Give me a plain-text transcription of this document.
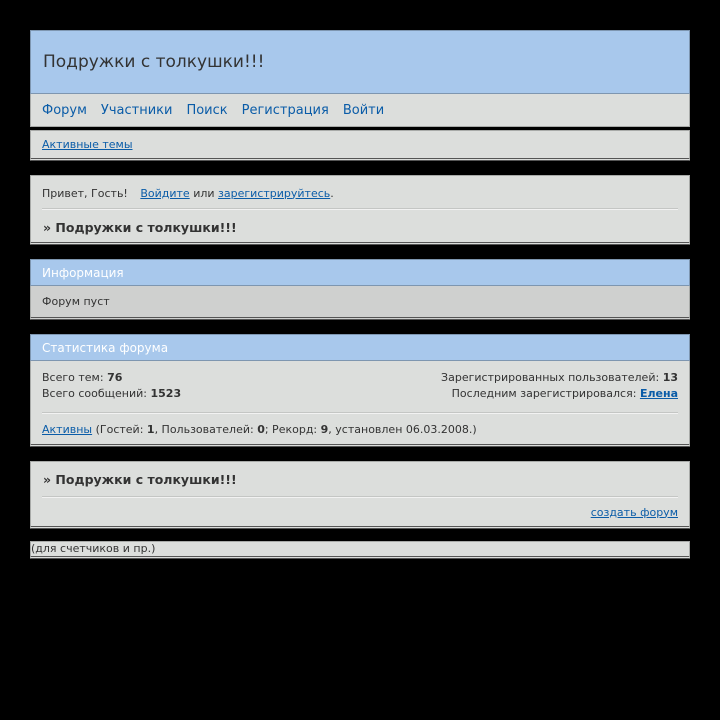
Подружки с толкушки!!!
Форум Участники Поиск Регистрация Войти
Активные темы
Привет, Гость!
Войдите
или
зарегистрируйтесь .
» Подружки с толкушки!!!
Информация
Форум пуст
Статистика форума
Всего тем: 76
Всего сообщений: 1523
Зарегистрированных пользователей: 13
Последним зарегистрировался: Елена
Активны
(Гостей:
1 , Пользователей:
0 ; Рекорд:
9 , установлен 06.03.2008.)
» Подружки с толкушки!!!
создать форум
(для счетчиков и пр.)
